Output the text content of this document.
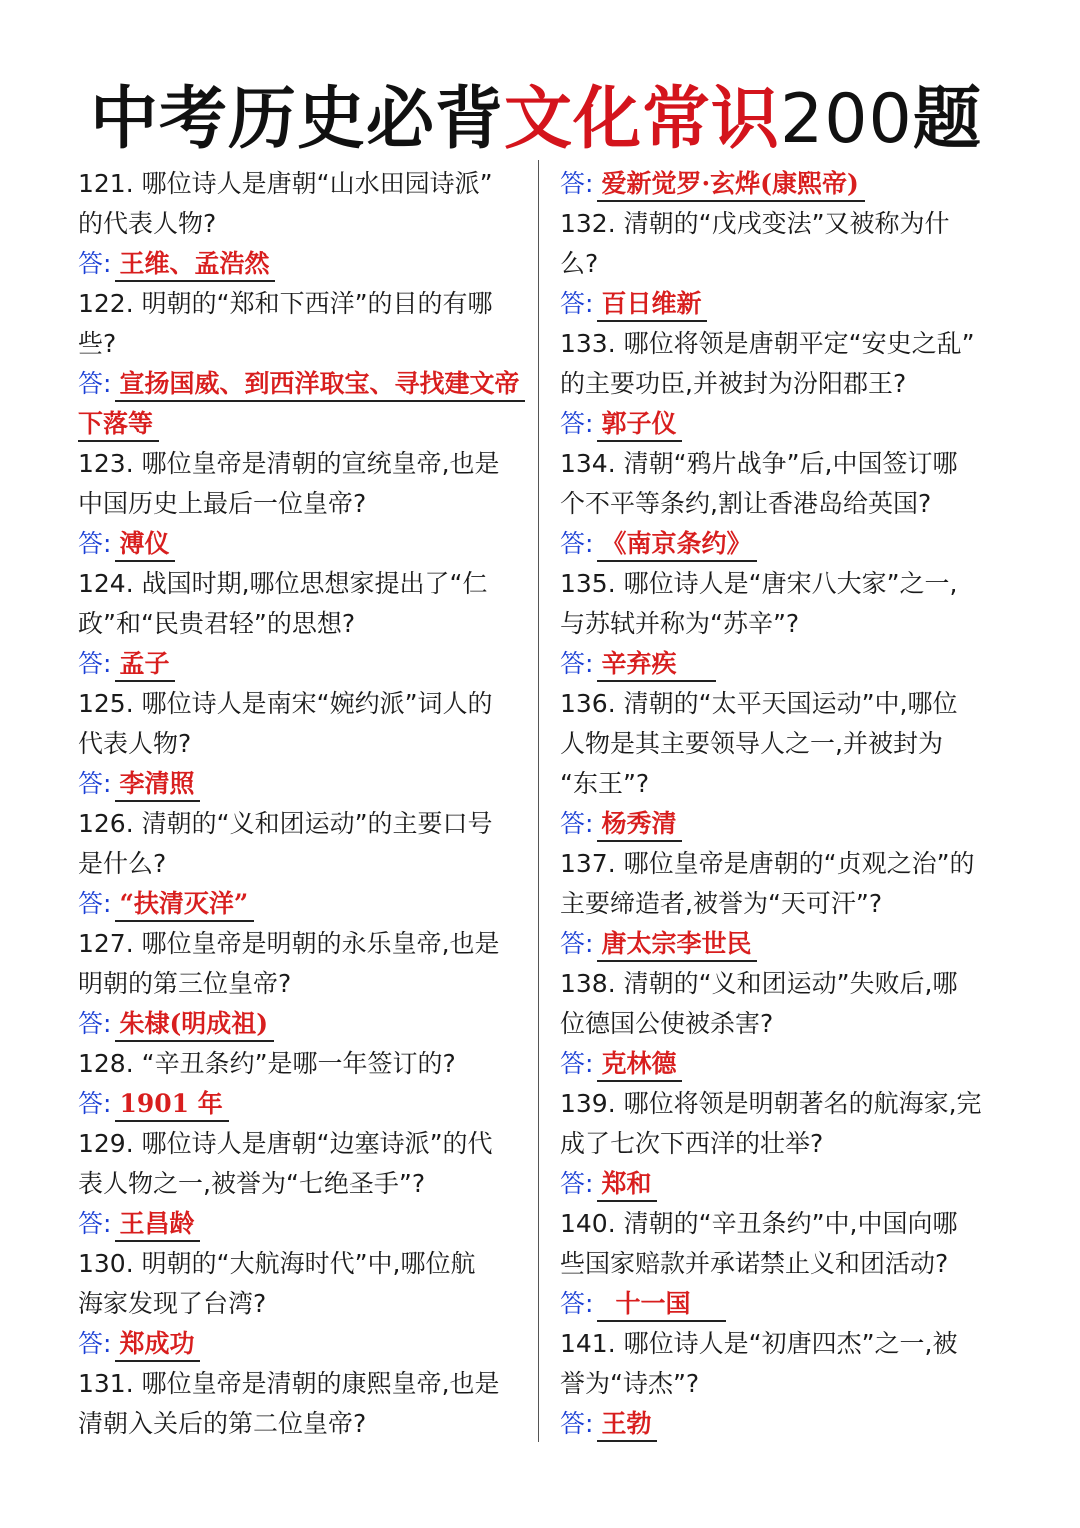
中考历史必背文化常识200题
121. 哪位诗人是唐朝“山水田园诗派”
的代表人物?
答: 王维、孟浩然
122. 明朝的“郑和下西洋”的目的有哪
些?
答: 宣扬国威、到西洋取宝、寻找建文帝
下落等
123. 哪位皇帝是清朝的宣统皇帝,也是
中国历史上最后一位皇帝?
答: 溥仪
124. 战国时期,哪位思想家提出了“仁
政”和“民贵君轻”的思想?
答: 孟子
125. 哪位诗人是南宋“婉约派”词人的
代表人物?
答: 李清照
126. 清朝的“义和团运动”的主要口号
是什么?
答: “扶清灭洋”
127. 哪位皇帝是明朝的永乐皇帝,也是
明朝的第三位皇帝?
答: 朱棣(明成祖)
128. “辛丑条约”是哪一年签订的?
答: 1901 年
129. 哪位诗人是唐朝“边塞诗派”的代
表人物之一,被誉为“七绝圣手”?
答: 王昌龄
130. 明朝的“大航海时代”中,哪位航
海家发现了台湾?
答: 郑成功
131. 哪位皇帝是清朝的康熙皇帝,也是
清朝入关后的第二位皇帝?
答: 爱新觉罗·玄烨(康熙帝)
132. 清朝的“戊戌变法”又被称为什
么?
答: 百日维新
133. 哪位将领是唐朝平定“安史之乱”
的主要功臣,并被封为汾阳郡王?
答: 郭子仪
134. 清朝“鸦片战争”后,中国签订哪
个不平等条约,割让香港岛给英国?
答: 《南京条约》
135. 哪位诗人是“唐宋八大家”之一,
与苏轼并称为“苏辛”?
答: 辛弃疾
136. 清朝的“太平天国运动”中,哪位
人物是其主要领导人之一,并被封为
“东王”?
答: 杨秀清
137. 哪位皇帝是唐朝的“贞观之治”的
主要缔造者,被誉为“天可汗”?
答: 唐太宗李世民
138. 清朝的“义和团运动”失败后,哪
位德国公使被杀害?
答: 克林德
139. 哪位将领是明朝著名的航海家,完
成了七次下西洋的壮举?
答: 郑和
140. 清朝的“辛丑条约”中,中国向哪
些国家赔款并承诺禁止义和团活动?
答: 十一国
141. 哪位诗人是“初唐四杰”之一,被
誉为“诗杰”?
答: 王勃
